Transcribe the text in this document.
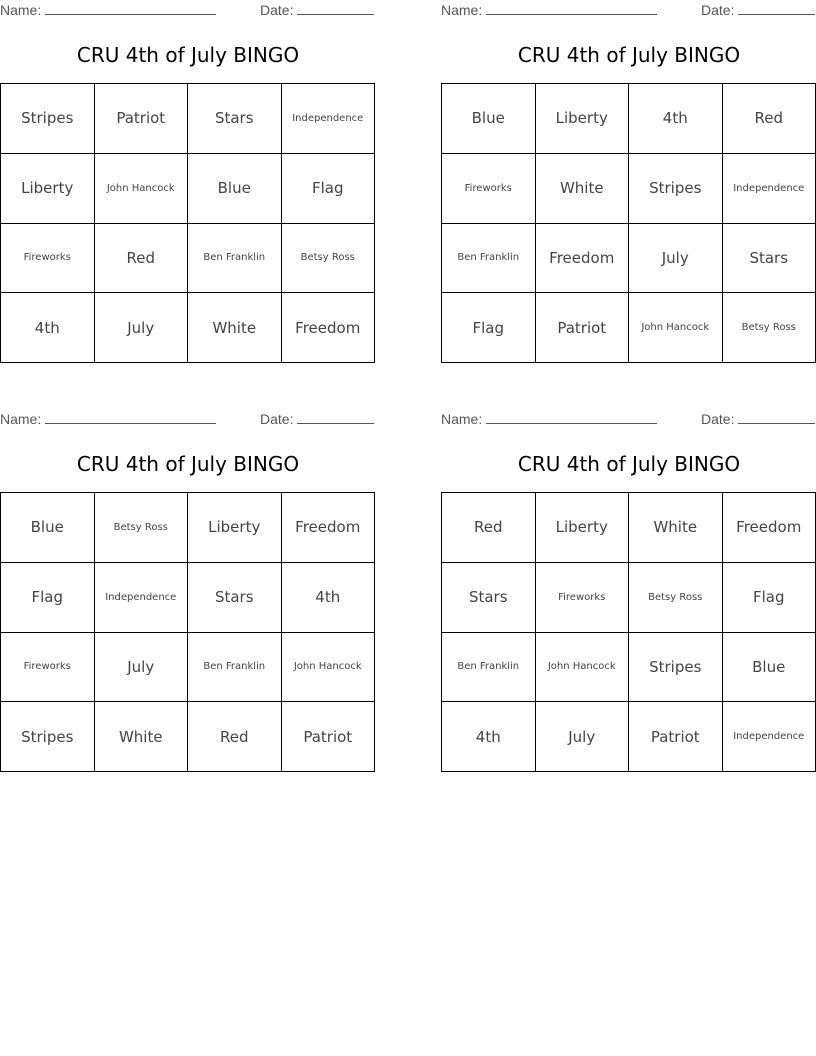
Name:	Date:
CRU 4th of July BINGO
Stripes	Patriot	Stars	Independence
Liberty	John Hancock	Blue	Flag
Fireworks	Red	Ben Franklin	Betsy Ross
4th	July	White	Freedom
Name:	Date:
CRU 4th of July BINGO
Blue	Liberty	4th	Red
Fireworks	White	Stripes	Independence
Ben Franklin	Freedom	July	Stars
Flag	Patriot	John Hancock	Betsy Ross
Name:	Date:
CRU 4th of July BINGO
Blue	Betsy Ross	Liberty	Freedom
Flag	Independence	Stars	4th
Fireworks	July	Ben Franklin	John Hancock
Stripes	White	Red	Patriot
Name:	Date:
CRU 4th of July BINGO
Red	Liberty	White	Freedom
Stars	Fireworks	Betsy Ross	Flag
Ben Franklin	John Hancock	Stripes	Blue
4th	July	Patriot	Independence
